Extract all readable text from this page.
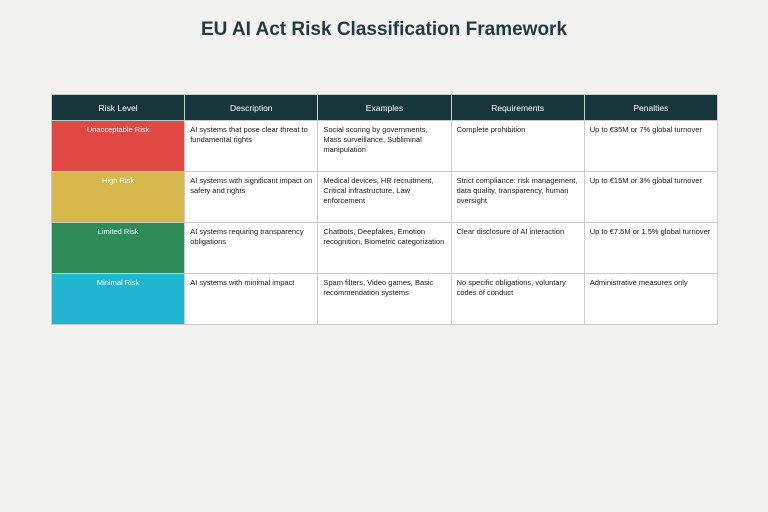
EU AI Act Risk Classification Framework
Risk Level	Description	Examples	Requirements	Penalties
Unacceptable Risk	AI systems that pose clear threat to fundamental rights	Social scoring by governments, Mass surveillance, Subliminal manipulation	Complete prohibition	Up to €35M or 7% global turnover
High Risk	AI systems with significant impact on safety and rights	Medical devices, HR recruitment, Critical infrastructure, Law enforcement	Strict compliance: risk management, data quality, transparency, human oversight	Up to €15M or 3% global turnover
Limited Risk	AI systems requiring transparency obligations	Chatbots, Deepfakes, Emotion recognition, Biometric categorization	Clear disclosure of AI interaction	Up to €7.5M or 1.5% global turnover
Minimal Risk	AI systems with minimal impact	Spam filters, Video games, Basic recommendation systems	No specific obligations, voluntary codes of conduct	Administrative measures only
